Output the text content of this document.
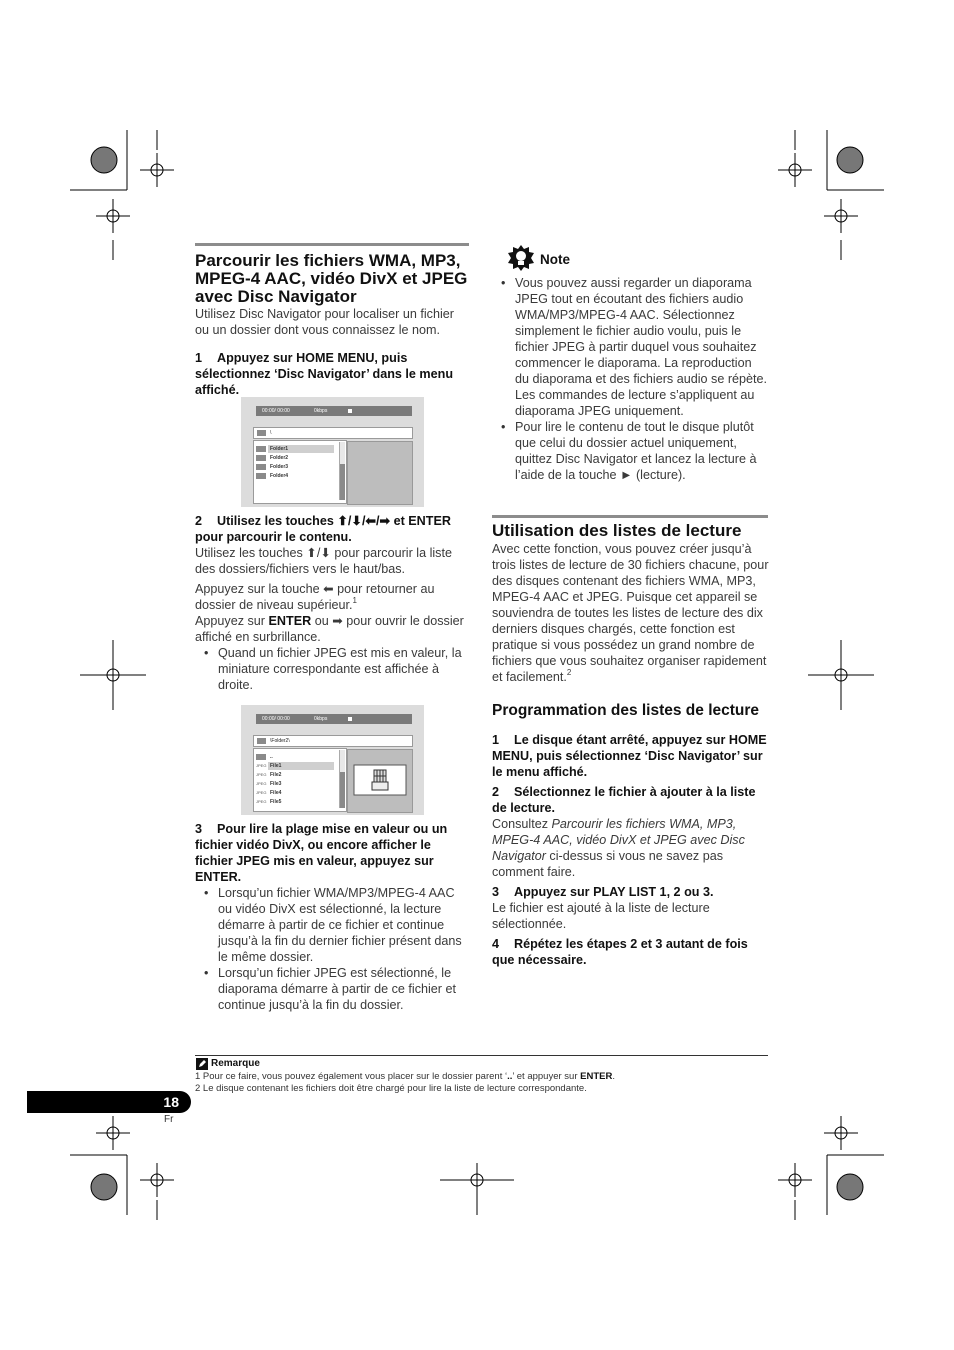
Parcourir les fichiers WMA, MP3, MPEG-4 AAC, vidéo DivX et JPEG avec Disc Navigator

Utilisez Disc Navigator pour localiser un fichier ou un dossier dont vous connaissez le nom.

1 Appuyez sur HOME MENU, puis sélectionnez ‘Disc Navigator’ dans le menu affiché.

00:00/ 00:00	0kbps
\
Folder1
Folder2
Folder3
Folder4

2 Utilisez les touches ⬆/⬇/⬅/➡ et ENTER pour parcourir le contenu.

Utilisez les touches ⬆/⬇ pour parcourir la liste des dossiers/fichiers vers le haut/bas.

Appuyez sur la touche ⬅ pour retourner au dossier de niveau supérieur.$^1$

Appuyez sur ENTER ou ➡ pour ouvrir le dossier affiché en surbrillance.

• Quand un fichier JPEG est mis en valeur, la miniature correspondante est affichée à droite.

00:00/ 00:00	0kbps
\Folder2\
..
JPEG File1
JPEG File2
JPEG File3
JPEG File4
JPEG File5

3 Pour lire la plage mise en valeur ou un fichier vidéo DivX, ou encore afficher le fichier JPEG mis en valeur, appuyez sur ENTER.

• Lorsqu’un fichier WMA/MP3/MPEG-4 AAC ou vidéo DivX est sélectionné, la lecture démarre à partir de ce fichier et continue jusqu’à la fin du dernier fichier présent dans le même dossier.

• Lorsqu’un fichier JPEG est sélectionné, le diaporama démarre à partir de ce fichier et continue jusqu’à la fin du dossier.

Note

• Vous pouvez aussi regarder un diaporama JPEG tout en écoutant des fichiers audio WMA/MP3/MPEG-4 AAC. Sélectionnez simplement le fichier audio voulu, puis le fichier JPEG à partir duquel vous souhaitez commencer le diaporama. La reproduction du diaporama et des fichiers audio se répète. Les commandes de lecture s’appliquent au diaporama JPEG uniquement.

• Pour lire le contenu de tout le disque plutôt que celui du dossier actuel uniquement, quittez Disc Navigator et lancez la lecture à l’aide de la touche ► (lecture).

Utilisation des listes de lecture

Avec cette fonction, vous pouvez créer jusqu’à trois listes de lecture de 30 fichiers chacune, pour des disques contenant des fichiers WMA, MP3, MPEG-4 AAC et JPEG. Puisque cet appareil se souviendra de toutes les listes de lecture des dix derniers disques chargés, cette fonction est pratique si vous possédez un grand nombre de fichiers que vous souhaitez organiser rapidement et facilement.$^2$

Programmation des listes de lecture

1 Le disque étant arrêté, appuyez sur HOME MENU, puis sélectionnez ‘Disc Navigator’ sur le menu affiché.

2 Sélectionnez le fichier à ajouter à la liste de lecture.

Consultez Parcourir les fichiers WMA, MP3, MPEG-4 AAC, vidéo DivX et JPEG avec Disc Navigator ci-dessus si vous ne savez pas comment faire.

3 Appuyez sur PLAY LIST 1, 2 ou 3.

Le fichier est ajouté à la liste de lecture sélectionnée.

4 Répétez les étapes 2 et 3 autant de fois que nécessaire.

Remarque
1 Pour ce faire, vous pouvez également vous placer sur le dossier parent ‘..’ et appuyer sur ENTER.
2 Le disque contenant les fichiers doit être chargé pour lire la liste de lecture correspondante.
18
Fr
